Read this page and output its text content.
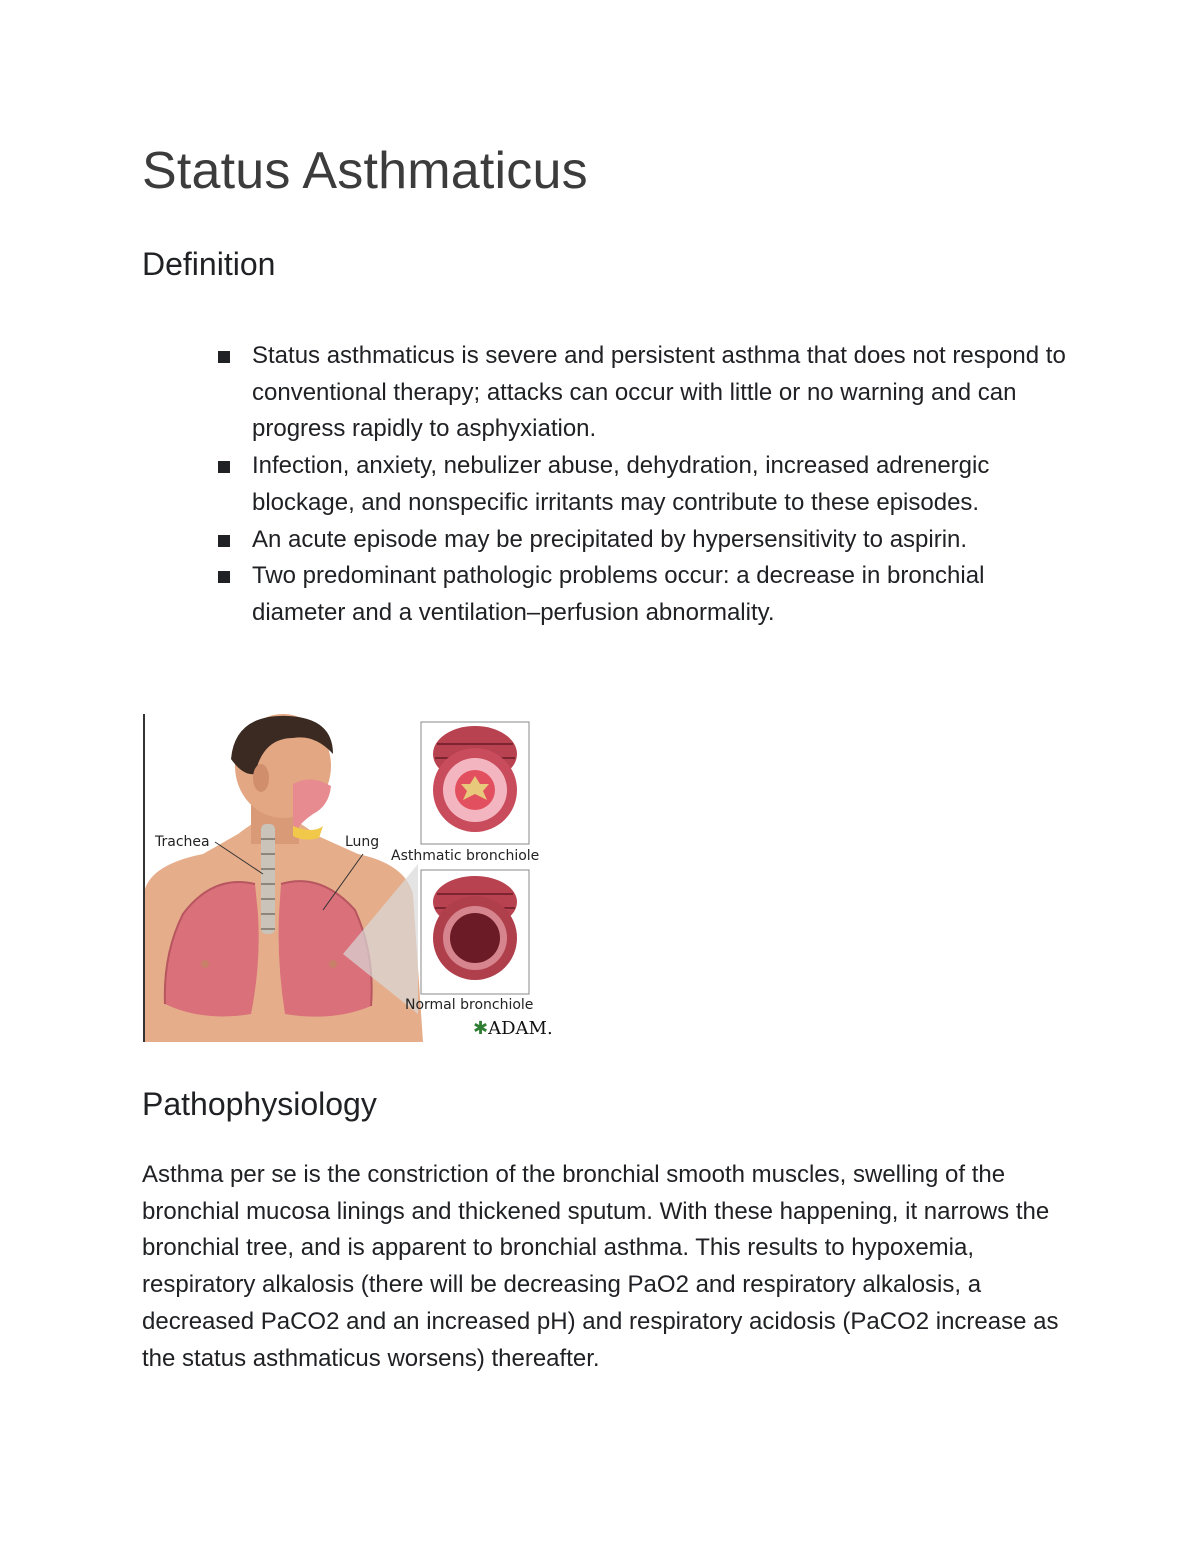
Status Asthmaticus
Definition
Status asthmaticus is severe and persistent asthma that does not respond to conventional therapy; attacks can occur with little or no warning and can progress rapidly to asphyxiation.
Infection, anxiety, nebulizer abuse, dehydration, increased adrenergic blockage, and nonspecific irritants may contribute to these episodes.
An acute episode may be precipitated by hypersensitivity to aspirin.
Two predominant pathologic problems occur: a decrease in bronchial diameter and a ventilation–perfusion abnormality.
Trachea	Lung
Asthmatic bronchiole
Normal bronchiole
✱ADAM.
Pathophysiology

Asthma per se is the constriction of the bronchial smooth muscles, swelling of the bronchial mucosa linings and thickened sputum. With these happening, it narrows the bronchial tree, and is apparent to bronchial asthma. This results to hypoxemia, respiratory alkalosis (there will be decreasing PaO2 and respiratory alkalosis, a decreased PaCO2 and an increased pH) and respiratory acidosis (PaCO2 increase as the status asthmaticus worsens) thereafter.
